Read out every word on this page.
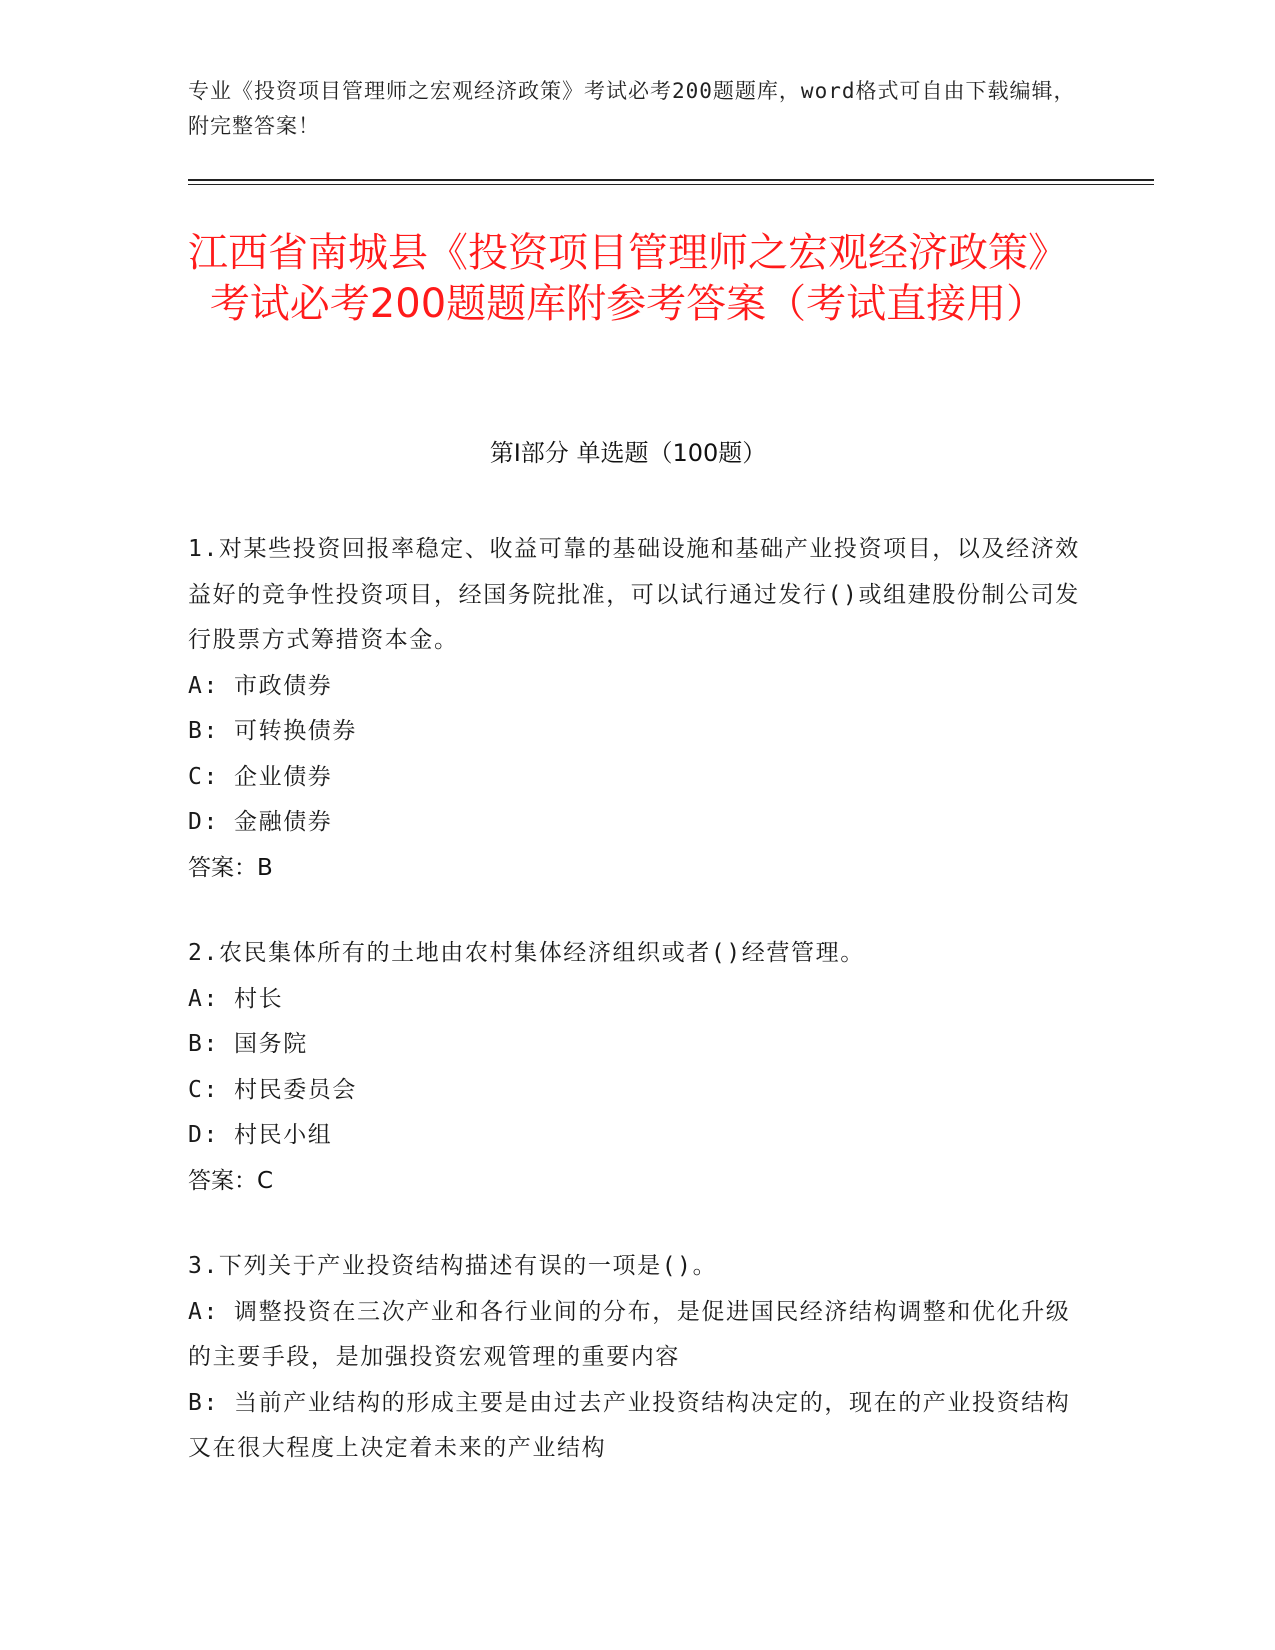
专业《投资项目管理师之宏观经济政策》考试必考200题题库，word格式可自由下载编辑，附完整答案！
江西省南城县《投资项目管理师之宏观经济政策》考试必考200题题库附参考答案（考试直接用）
第I部分 单选题（100题）

1.对某些投资回报率稳定、收益可靠的基础设施和基础产业投资项目，以及经济效益好的竞争性投资项目，经国务院批准，可以试行通过发行()或组建股份制公司发行股票方式筹措资本金。

A: 市政债券

B: 可转换债券

C: 企业债券

D: 金融债券

答案：B

2.农民集体所有的土地由农村集体经济组织或者()经营管理。

A: 村长

B: 国务院

C: 村民委员会

D: 村民小组

答案：C

3.下列关于产业投资结构描述有误的一项是()。

A: 调整投资在三次产业和各行业间的分布，是促进国民经济结构调整和优化升级的主要手段，是加强投资宏观管理的重要内容

B: 当前产业结构的形成主要是由过去产业投资结构决定的，现在的产业投资结构又在很大程度上决定着未来的产业结构
